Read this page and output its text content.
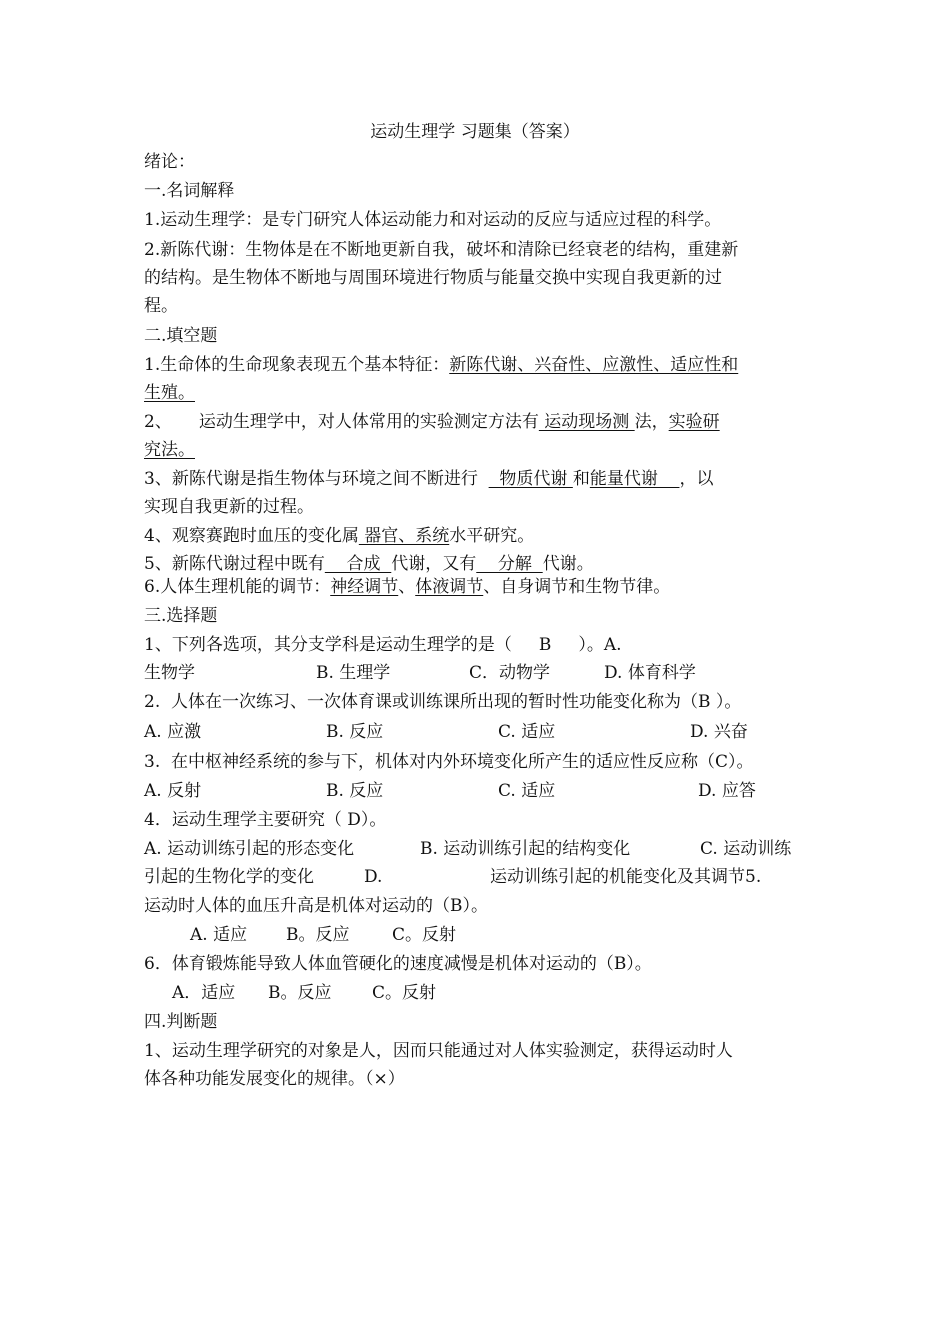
运动生理学 习题集（答案）
绪论：
一.名词解释
1.运动生理学：是专门研究人体运动能力和对运动的反应与适应过程的科学。
2.新陈代谢：生物体是在不断地更新自我，破坏和清除已经衰老的结构，重建新
的结构。是生物体不断地与周围环境进行物质与能量交换中实现自我更新的过
程。
二.填空题
1.生命体的生命现象表现五个基本特征：新陈代谢、兴奋性、应激性、适应性和
生殖。
2、     运动生理学中，对人体常用的实验测定方法有 运动现场测 法，实验研
究法。
3、新陈代谢是指生物体与环境之间不断进行    物质代谢 和能量代谢    ，以
实现自我更新的过程。
4、观察赛跑时血压的变化属 器官、系统水平研究。
5、新陈代谢过程中既有    合成  代谢，又有    分解  代谢。
6.人体生理机能的调节：神经调节、体液调节、自身调节和生物节律。
三.选择题
1、下列各选项，其分支学科是运动生理学的是（     B     ）。A.
生物学	B. 生理学	C．动物学	D. 体育科学
2.  人体在一次练习、一次体育课或训练课所出现的暂时性功能变化称为（B ）。
A. 应激	B. 反应	C. 适应	D. 兴奋
3.  在中枢神经系统的参与下，机体对内外环境变化所产生的适应性反应称（C）。
A. 反射	B. 反应	C. 适应	D. 应答
4．运动生理学主要研究（ D）。
A. 运动训练引起的形态变化	B. 运动训练引起的结构变化	C. 运动训练
引起的生物化学的变化	D.	运动训练引起的机能变化及其调节5.
运动时人体的血压升高是机体对运动的（B）。
A. 适应 B。反应	C。反射
6．体育锻炼能导致人体血管硬化的速度减慢是机体对运动的（B）。
A．适应 B。反应 C。反射
四.判断题
1、运动生理学研究的对象是人，因而只能通过对人体实验测定，获得运动时人
体各种功能发展变化的规律。（×）
